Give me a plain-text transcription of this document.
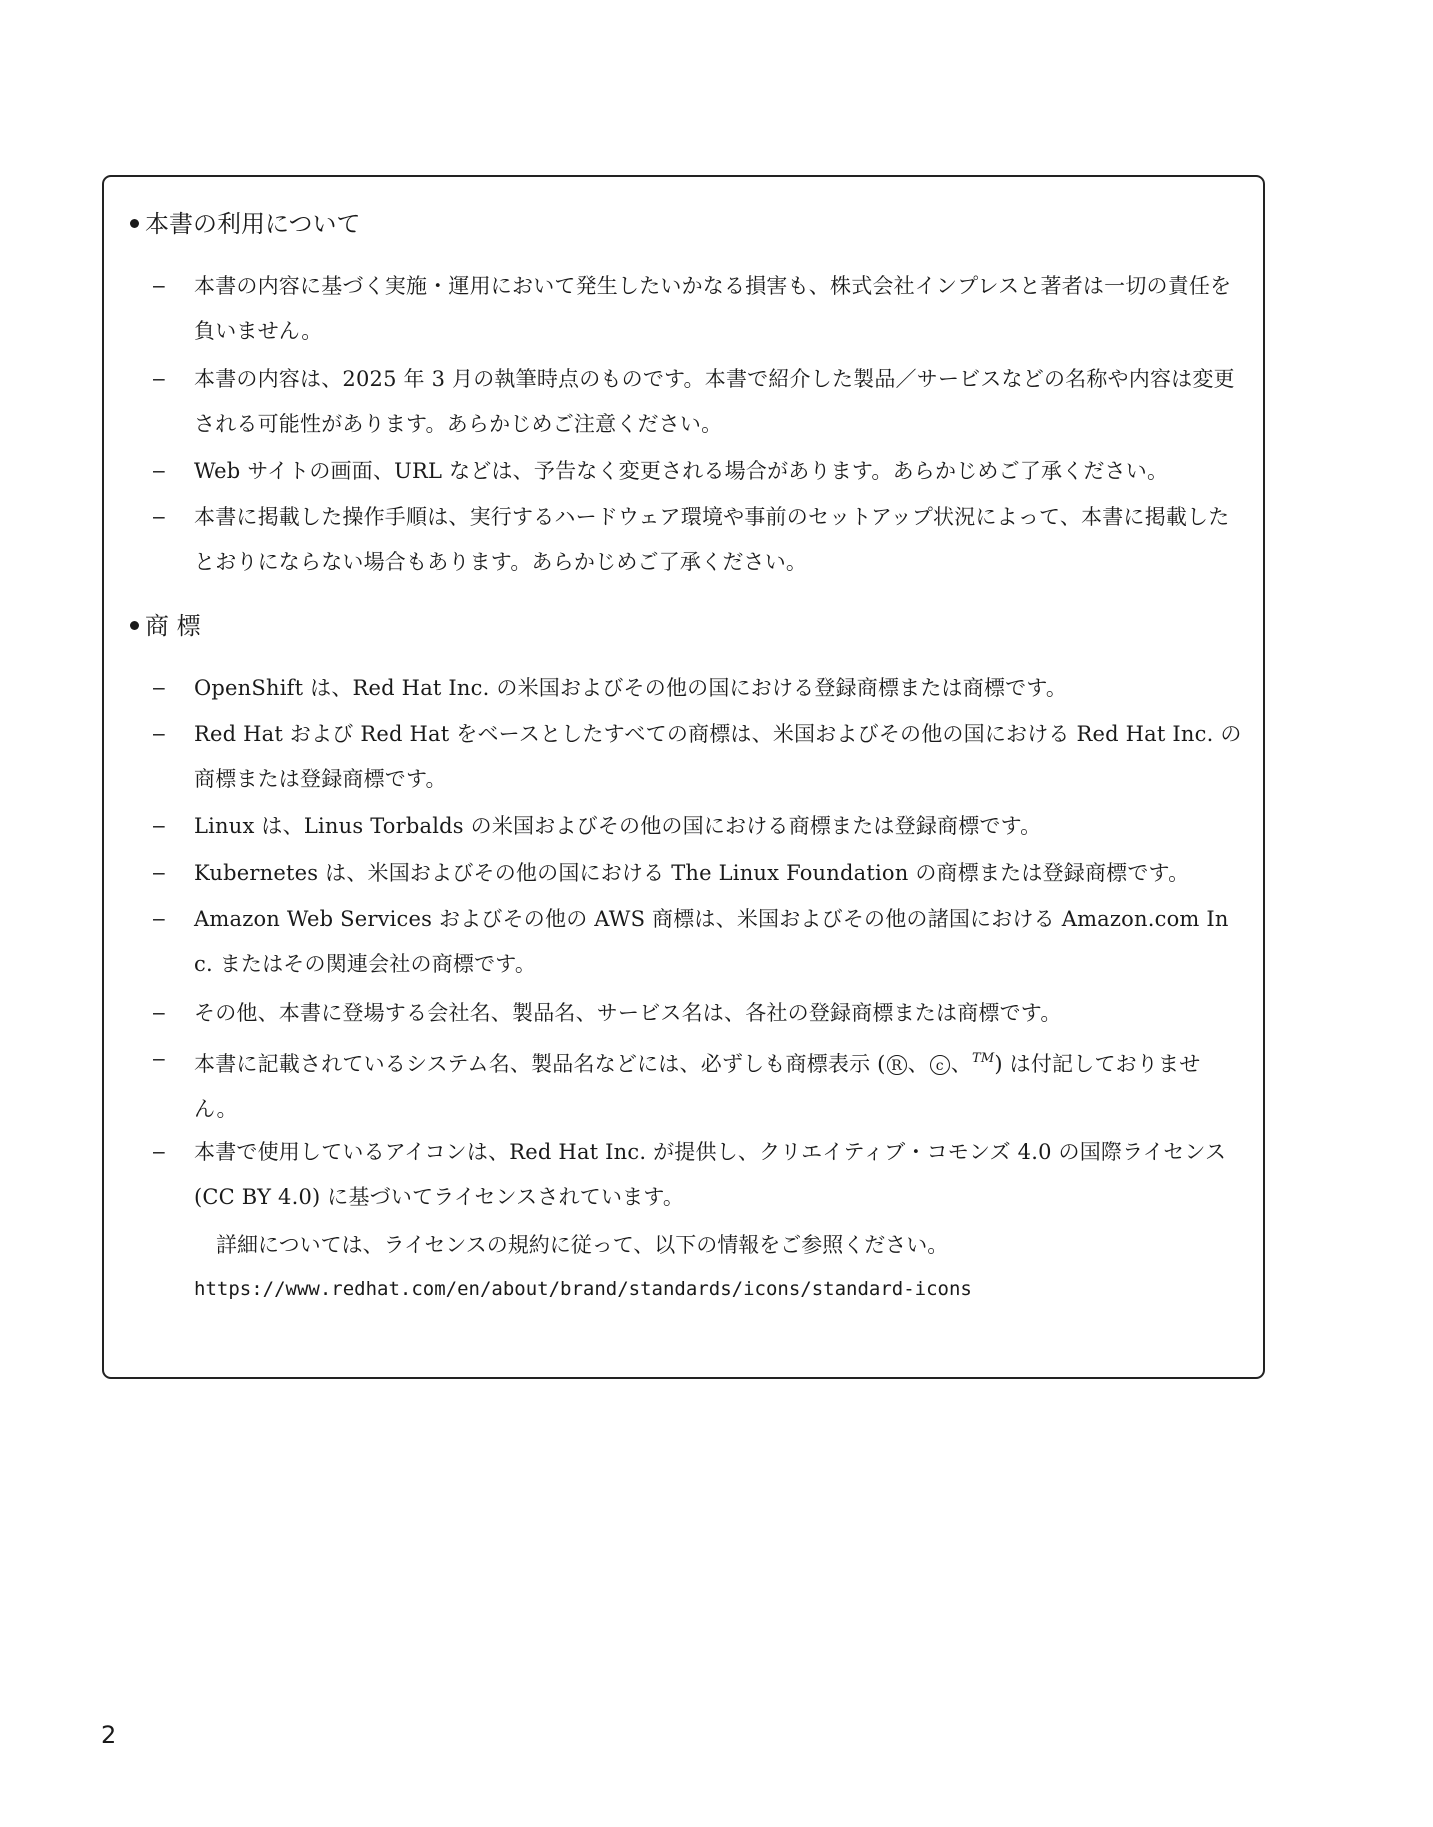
本書の利用について
– 本書の内容に基づく実施・運用において発生したいかなる損害も、株式会社インプレスと著者は一切の責任を負いません。
– 本書の内容は、2025 年 3 月の執筆時点のものです。本書で紹介した製品／サービスなどの名称や内容は変更される可能性があります。あらかじめご注意ください。
– Web サイトの画面、URL などは、予告なく変更される場合があります。あらかじめご了承ください。
– 本書に掲載した操作手順は、実行するハードウェア環境や事前のセットアップ状況によって、本書に掲載したとおりにならない場合もあります。あらかじめご了承ください。
商 標
– OpenShift は、Red Hat Inc. の米国およびその他の国における登録商標または商標です。
– Red Hat および Red Hat をベースとしたすべての商標は、米国およびその他の国における Red Hat Inc. の商標または登録商標です。
– Linux は、Linus Torbalds の米国およびその他の国における商標または登録商標です。
– Kubernetes は、米国およびその他の国における The Linux Foundation の商標または登録商標です。
– Amazon Web Services およびその他の AWS 商標は、米国およびその他の諸国における Amazon.com Inc. またはその関連会社の商標です。
– その他、本書に登場する会社名、製品名、サービス名は、各社の登録商標または商標です。
– 本書に記載されているシステム名、製品名などには、必ずしも商標表示 ( R 、 c 、™) は付記しておりません。
– 本書で使用しているアイコンは、Red Hat Inc. が提供し、クリエイティブ・コモンズ 4.0 の国際ライセンス (CC BY 4.0) に基づいてライセンスされています。
詳細については、ライセンスの規約に従って、以下の情報をご参照ください。
https://www.redhat.com/en/about/brand/standards/icons/standard-icons
2
